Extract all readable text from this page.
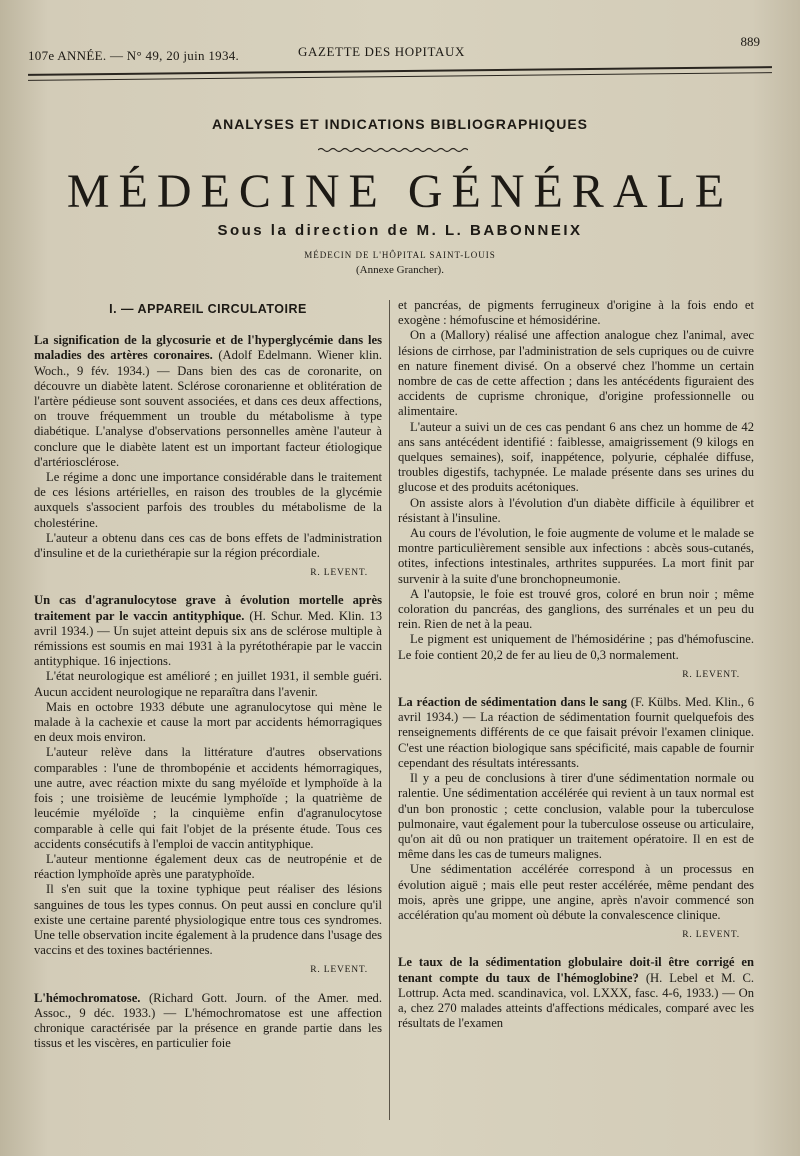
107e ANNÉE. — N° 49, 20 juin 1934.	GAZETTE DES HOPITAUX
889
ANALYSES ET INDICATIONS BIBLIOGRAPHIQUES
MÉDECINE GÉNÉRALE
Sous la direction de M. L. BABONNEIX
MÉDECIN DE L'HÔPITAL SAINT-LOUIS
(Annexe Grancher).
I. — APPAREIL CIRCULATOIRE

La signification de la glycosurie et de l'hyperglycémie dans les maladies des artères coronaires. (Adolf Edelmann. Wiener klin. Woch., 9 fév. 1934.) — Dans bien des cas de coronarite, on découvre un diabète latent. Sclérose coronarienne et oblitération de l'artère pédieuse sont souvent associées, et dans ces deux affections, on trouve fréquemment un trouble du métabolisme à type diabétique. L'analyse d'observations personnelles amène l'auteur à conclure que le diabète latent est un important facteur étiologique d'artériosclérose.

Le régime a donc une importance considérable dans le traitement de ces lésions artérielles, en raison des troubles de la glycémie auxquels s'associent parfois des troubles du métabolisme de la cholestérine.

L'auteur a obtenu dans ces cas de bons effets de l'administration d'insuline et de la curiethérapie sur la région précordiale.

R. LEVENT.

Un cas d'agranulocytose grave à évolution mortelle après traitement par le vaccin antityphique. (H. Schur. Med. Klin. 13 avril 1934.) — Un sujet atteint depuis six ans de sclérose multiple à rémissions est soumis en mai 1931 à la pyrétothérapie par le vaccin antityphique. 16 injections.

L'état neurologique est amélioré ; en juillet 1931, il semble guéri. Aucun accident neurologique ne reparaîtra dans l'avenir.

Mais en octobre 1933 débute une agranulocytose qui mène le malade à la cachexie et cause la mort par accidents hémorragiques en deux mois environ.

L'auteur relève dans la littérature d'autres observations comparables : l'une de thrombopénie et accidents hémorragiques, une autre, avec réaction mixte du sang myéloïde et lymphoïde à la fois ; une troisième de leucémie lymphoïde ; la quatrième de leucémie myéloïde ; la cinquième enfin d'agranulocytose comparable à celle qui fait l'objet de la présente étude. Tous ces accidents consécutifs à l'emploi de vaccin antityphique.

L'auteur mentionne également deux cas de neutropénie et de réaction lymphoïde après une paratyphoïde.

Il s'en suit que la toxine typhique peut réaliser des lésions sanguines de tous les types connus. On peut aussi en conclure qu'il existe une certaine parenté physiologique entre tous ces syndromes. Une telle observation incite également à la prudence dans l'usage des vaccins et des toxines bactériennes.

R. LEVENT.

L'hémochromatose. (Richard Gott. Journ. of the Amer. med. Assoc., 9 déc. 1933.) — L'hémochromatose est une affection chronique caractérisée par la présence en grande partie dans les tissus et les viscères, en particulier foie

et pancréas, de pigments ferrugineux d'origine à la fois endo et exogène : hémofuscine et hémosidérine.

On a (Mallory) réalisé une affection analogue chez l'animal, avec lésions de cirrhose, par l'administration de sels cupriques ou de cuivre en nature finement divisé. On a observé chez l'homme un certain nombre de cas de cette affection ; dans les antécédents figuraient des accidents de cuprisme chronique, d'origine professionnelle ou alimentaire.

L'auteur a suivi un de ces cas pendant 6 ans chez un homme de 42 ans sans antécédent identifié : faiblesse, amaigrissement (9 kilogs en quelques semaines), soif, inappétence, polyurie, céphalée diffuse, troubles digestifs, tachypnée. Le malade présente dans ses urines du glucose et des produits acétoniques.

On assiste alors à l'évolution d'un diabète difficile à équilibrer et résistant à l'insuline.

Au cours de l'évolution, le foie augmente de volume et le malade se montre particulièrement sensible aux infections : abcès sous-cutanés, otites, infections intestinales, arthrites suppurées. La mort finit par survenir à la suite d'une bronchopneumonie.

A l'autopsie, le foie est trouvé gros, coloré en brun noir ; même coloration du pancréas, des ganglions, des surrénales et un peu du rein. Rien de net à la peau.

Le pigment est uniquement de l'hémosidérine ; pas d'hémofuscine. Le foie contient 20,2 de fer au lieu de 0,3 normalement.

R. LEVENT.

La réaction de sédimentation dans le sang (F. Külbs. Med. Klin., 6 avril 1934.) — La réaction de sédimentation fournit quelquefois des renseignements différents de ce que faisait prévoir l'examen clinique. C'est une réaction biologique sans spécificité, mais capable de fournir cependant des résultats intéressants.

Il y a peu de conclusions à tirer d'une sédimentation normale ou ralentie. Une sédimentation accélérée qui revient à un taux normal est d'un bon pronostic ; cette conclusion, valable pour la tuberculose pulmonaire, vaut également pour la tuberculose osseuse ou articulaire, qu'on ait dû ou non pratiquer un traitement opératoire. Il en est de même dans les cas de tumeurs malignes.

Une sédimentation accélérée correspond à un processus en évolution aiguë ; mais elle peut rester accélérée, même pendant des mois, après une grippe, une angine, après n'avoir commencé son accélération qu'au moment où débute la convalescence clinique.

R. LEVENT.

Le taux de la sédimentation globulaire doit-il être corrigé en tenant compte du taux de l'hémoglobine? (H. Lebel et M. C. Lottrup. Acta med. scandinavica, vol. LXXX, fasc. 4-6, 1933.) — On a, chez 270 malades atteints d'affections médicales, comparé avec les résultats de l'examen
